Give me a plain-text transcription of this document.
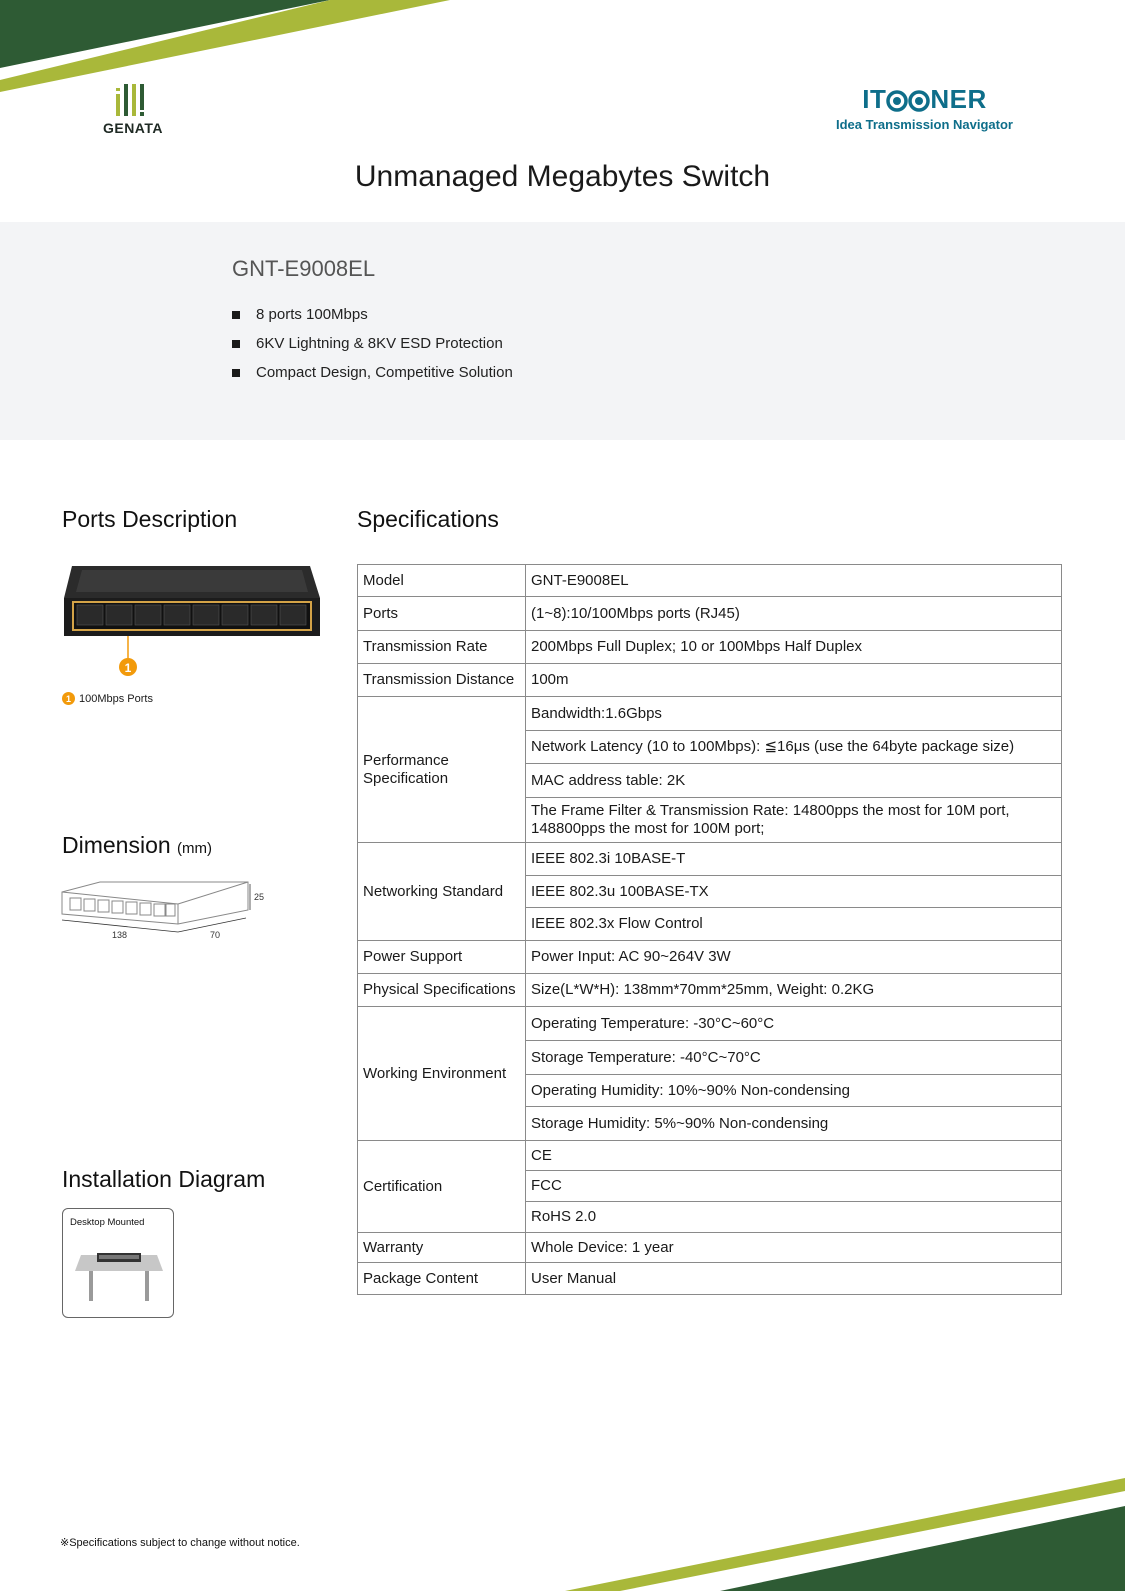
GENATA
IT NER
Idea Transmission Navigator
Unmanaged Megabytes Switch
GNT-E9008EL
8 ports 100Mbps
6KV Lightning & 8KV ESD Protection
Compact Design, Competitive Solution
Ports Description
1
1 100Mbps Ports
Dimension (mm)
138	70
25
Installation Diagram
Desktop Mounted
Specifications
Model	GNT-E9008EL
Ports	(1~8):10/100Mbps ports (RJ45)
Transmission Rate	200Mbps Full Duplex; 10 or 100Mbps Half Duplex
Transmission Distance	100m
Performance Specification	Bandwidth:1.6Gbps
	Network Latency (10 to 100Mbps): ≦16μs (use the 64byte package size)
	MAC address table: 2K
	The Frame Filter & Transmission Rate: 14800pps the most for 10M port, 148800pps the most for 100M port;
Networking Standard	IEEE 802.3i 10BASE-T
	IEEE 802.3u 100BASE-TX
	IEEE 802.3x Flow Control
Power Support	Power Input: AC 90~264V 3W
Physical Specifications	Size(L*W*H): 138mm*70mm*25mm, Weight: 0.2KG
Working Environment	Operating Temperature: -30°C~60°C
	Storage Temperature: -40°C~70°C
	Operating Humidity: 10%~90% Non-condensing
	Storage Humidity: 5%~90% Non-condensing
Certification	CE
	FCC
	RoHS 2.0
Warranty	Whole Device: 1 year
Package Content	User Manual
※Specifications subject to change without notice.
